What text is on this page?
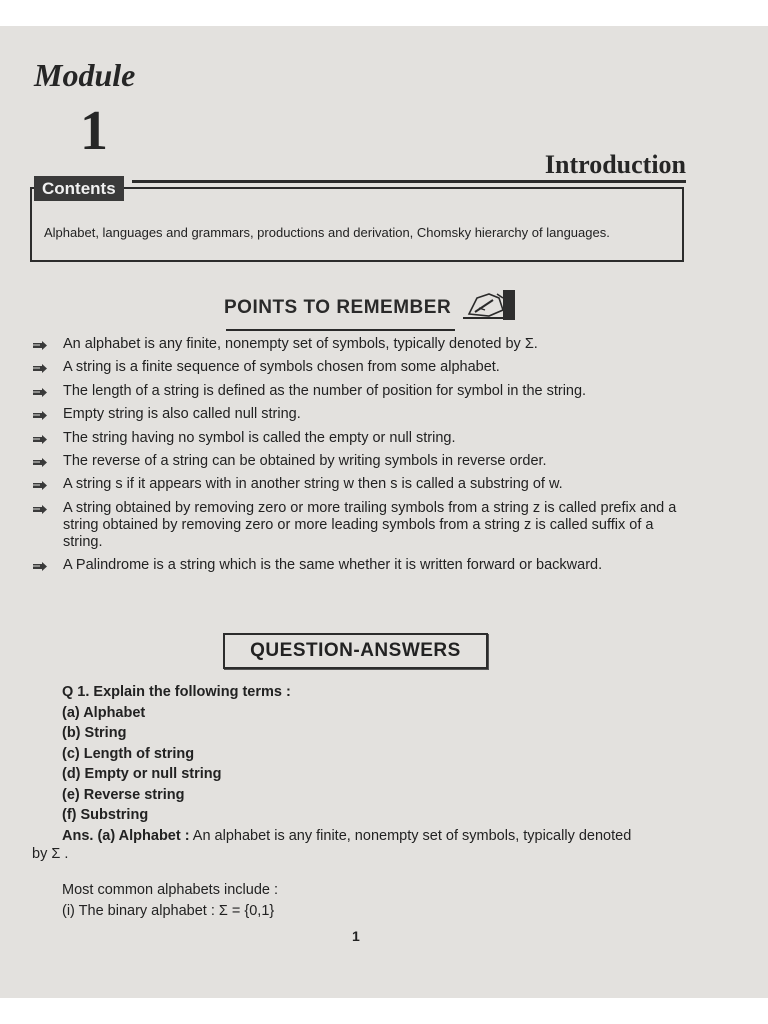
Module
1
Introduction
Alphabet, languages and grammars, productions and derivation, Chomsky hierarchy of languages.
Contents
POINTS TO REMEMBER
An alphabet is any finite, nonempty set of symbols, typically denoted by Σ.
A string is a finite sequence of symbols chosen from some alphabet.
The length of a string is defined as the number of position for symbol in the string.
Empty string is also called null string.
The string having no symbol is called the empty or null string.
The reverse of a string can be obtained by writing symbols in reverse order.
A string s if it appears with in another string w then s is called a substring of w.
A string obtained by removing zero or more trailing symbols from a string z is called prefix and a string obtained by removing zero or more leading symbols from a string z is called suffix of a string.
A Palindrome is a string which is the same whether it is written forward or backward.
QUESTION-ANSWERS
Q 1. Explain the following terms :
(a) Alphabet
(b) String
(c) Length of string
(d) Empty or null string
(e) Reverse string
(f) Substring
Ans. (a) Alphabet : An alphabet is any finite, nonempty set of symbols, typically denoted
by Σ .
Most common alphabets include :
(i) The binary alphabet : Σ = {0,1}
1
